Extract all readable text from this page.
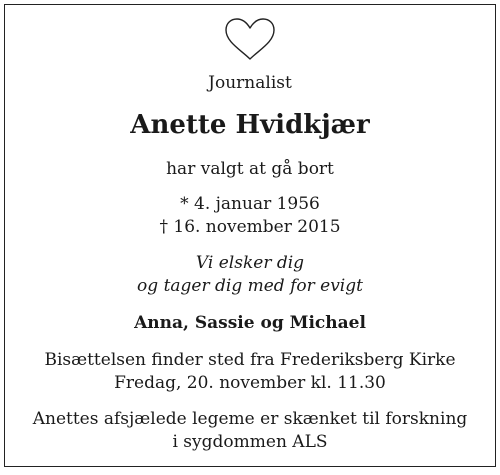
Journalist
Anette Hvidkjær
har valgt at gå bort
* 4. januar 1956
† 16. november 2015
Vi elsker dig
og tager dig med for evigt
Anna, Sassie og Michael
Bisættelsen finder sted fra Frederiksberg Kirke
Fredag, 20. november kl. 11.30
Anettes afsjælede legeme er skænket til forskning
i sygdommen ALS
